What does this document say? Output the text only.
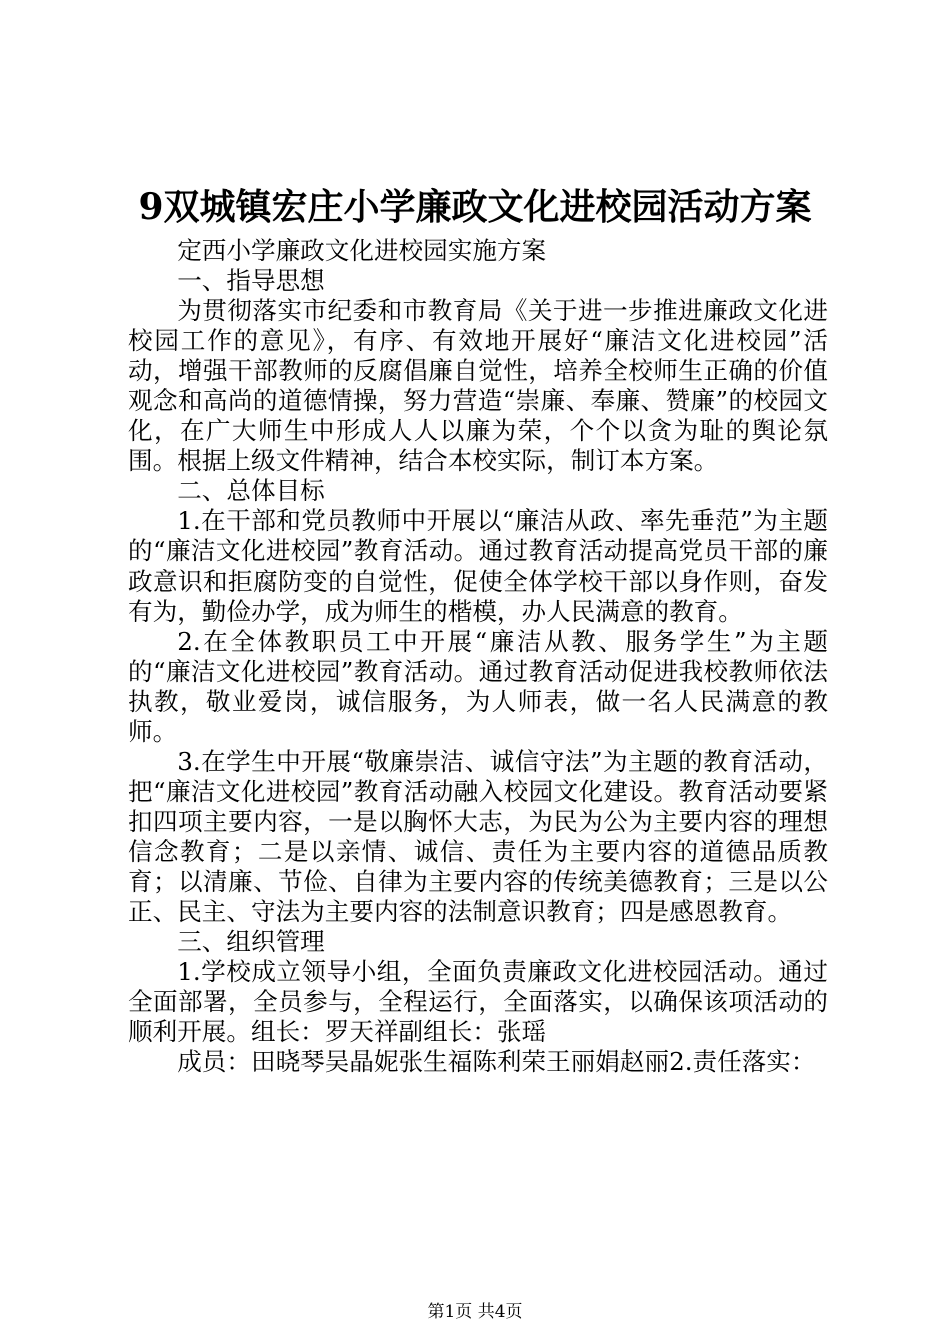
9双城镇宏庄小学廉政文化进校园活动方案

定西小学廉政文化进校园实施方案

一、指导思想

为贯彻落实市纪委和市教育局《关于进一步推进廉政文化进校园工作的意见》，有序、有效地开展好“廉洁文化进校园”活动，增强干部教师的反腐倡廉自觉性，培养全校师生正确的价值观念和高尚的道德情操，努力营造“崇廉、奉廉、赞廉”的校园文化，在广大师生中形成人人以廉为荣，个个以贪为耻的舆论氛围。根据上级文件精神，结合本校实际，制订本方案。

二、总体目标

1.在干部和党员教师中开展以“廉洁从政、率先垂范”为主题的“廉洁文化进校园”教育活动。通过教育活动提高党员干部的廉政意识和拒腐防变的自觉性，促使全体学校干部以身作则，奋发有为，勤俭办学，成为师生的楷模，办人民满意的教育。

2.在全体教职员工中开展“廉洁从教、服务学生”为主题的“廉洁文化进校园”教育活动。通过教育活动促进我校教师依法执教，敬业爱岗，诚信服务，为人师表，做一名人民满意的教师。

3.在学生中开展“敬廉崇洁、诚信守法”为主题的教育活动，把“廉洁文化进校园”教育活动融入校园文化建设。教育活动要紧扣四项主要内容，一是以胸怀大志，为民为公为主要内容的理想信念教育；二是以亲情、诚信、责任为主要内容的道德品质教育；以清廉、节俭、自律为主要内容的传统美德教育；三是以公正、民主、守法为主要内容的法制意识教育；四是感恩教育。

三、组织管理

1.学校成立领导小组，全面负责廉政文化进校园活动。通过全面部署，全员参与，全程运行，全面落实，以确保该项活动的顺利开展。组长：罗天祥副组长：张瑶

成员：田晓琴吴晶妮张生福陈利荣王丽娟赵丽2.责任落实：

第1页 共4页
